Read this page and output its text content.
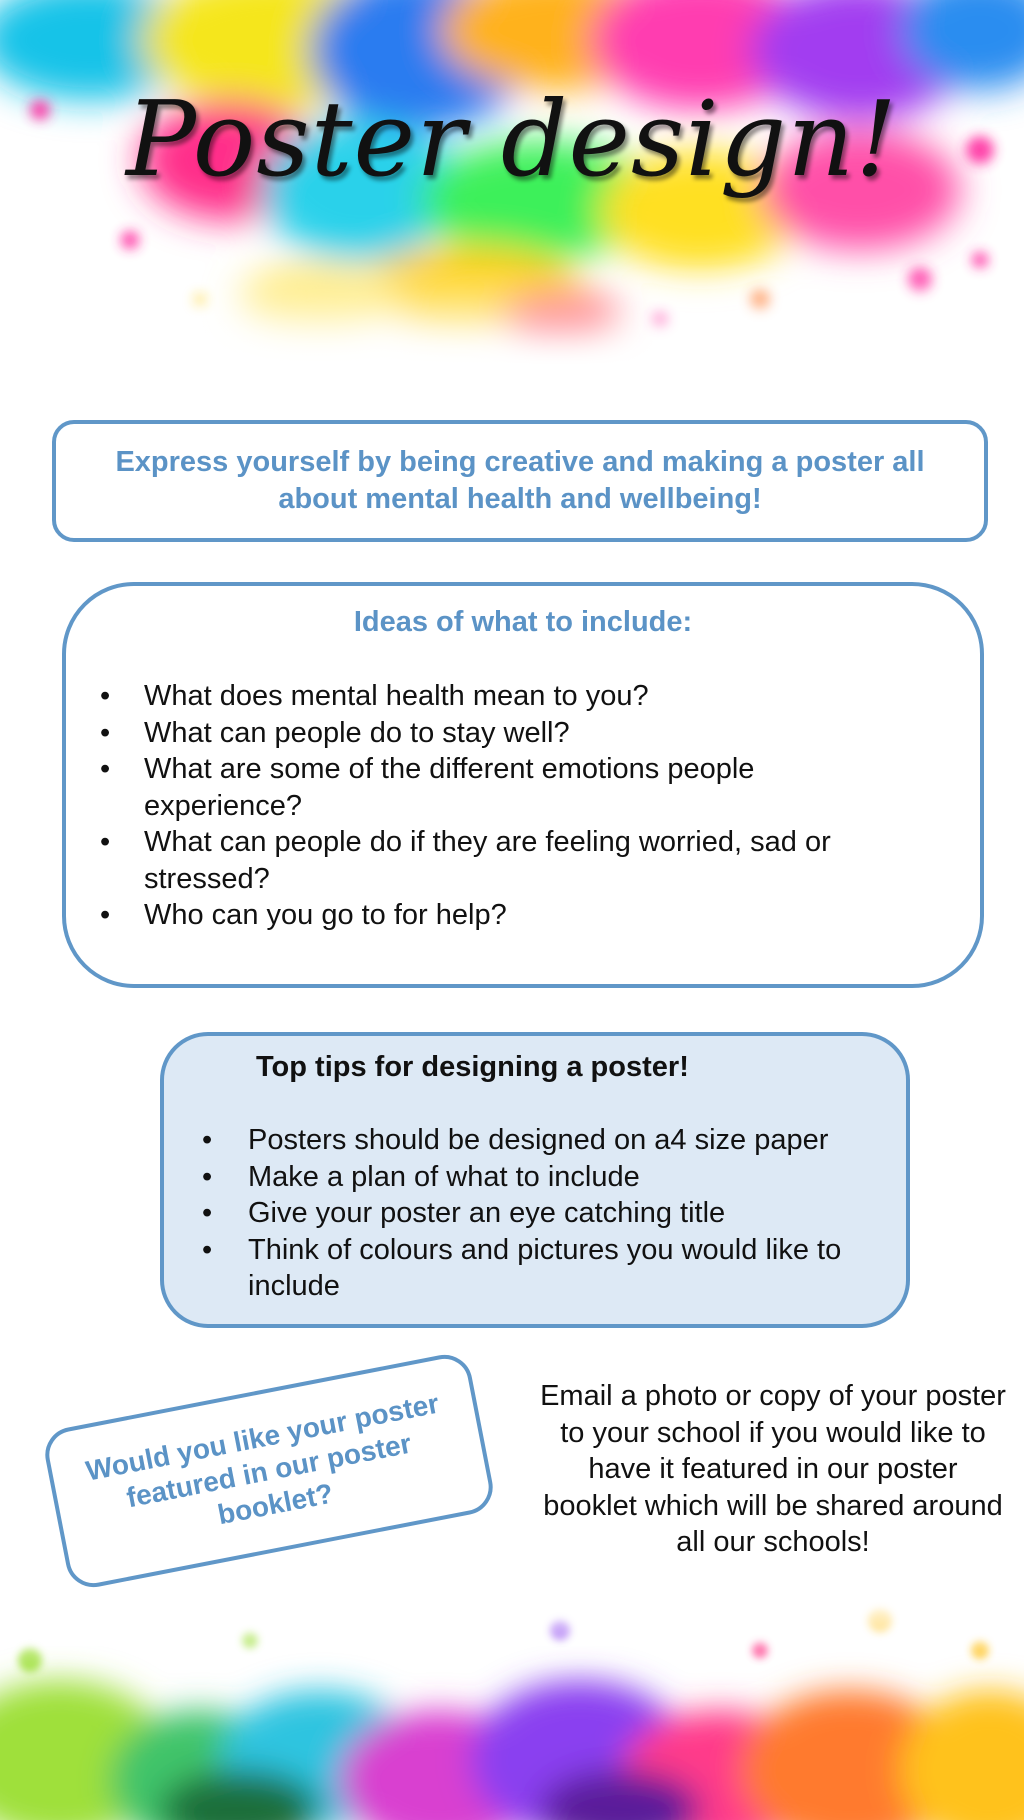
Poster design!

Express yourself by being creative and making a poster all about mental health and wellbeing!

Ideas of what to include:
• What does mental health mean to you?
• What can people do to stay well?
• What are some of the different emotions people experience?
• What can people do if they are feeling worried, sad or stressed?
• Who can you go to for help?
Top tips for designing a poster!
• Posters should be designed on a4 size paper
• Make a plan of what to include
• Give your poster an eye catching title
• Think of colours and pictures you would like to include

Would you like your poster featured in our poster booklet?

Email a photo or copy of your poster to your school if you would like to have it featured in our poster booklet which will be shared around all our schools!
